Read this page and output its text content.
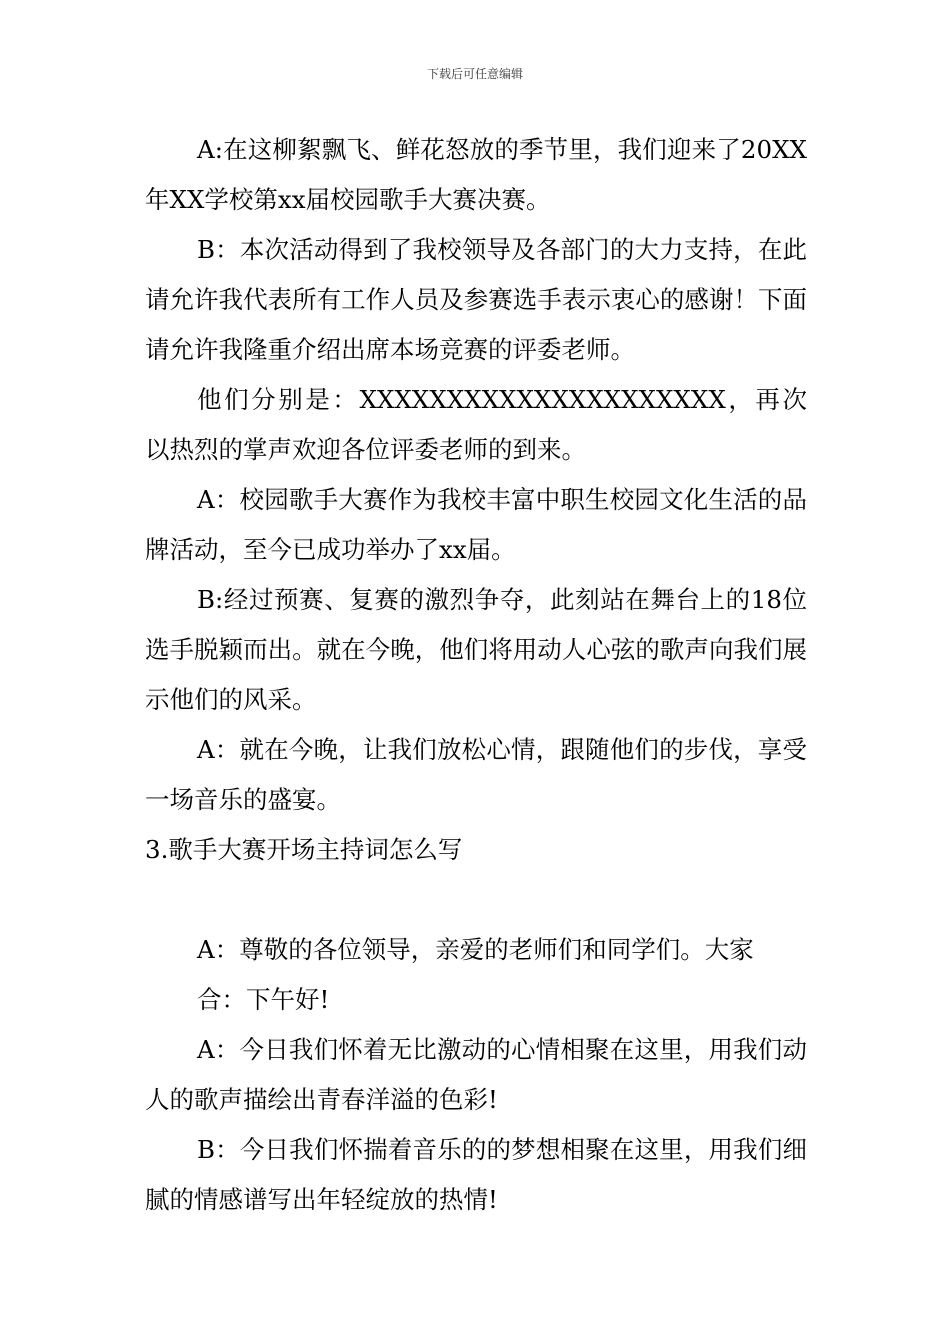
下载后可任意编辑

A:在这柳絮飘飞、鲜花怒放的季节里，我们迎来了20XX年XX学校第xx届校园歌手大赛决赛。

B：本次活动得到了我校领导及各部门的大力支持，在此请允许我代表所有工作人员及参赛选手表示衷心的感谢！下面请允许我隆重介绍出席本场竞赛的评委老师。

他们分别是：XXXXXXXXXXXXXXXXXXXXX，再次以热烈的掌声欢迎各位评委老师的到来。

A：校园歌手大赛作为我校丰富中职生校园文化生活的品牌活动，至今已成功举办了xx届。

B:经过预赛、复赛的激烈争夺，此刻站在舞台上的18位选手脱颖而出。就在今晚，他们将用动人心弦的歌声向我们展示他们的风采。

A：就在今晚，让我们放松心情，跟随他们的步伐，享受一场音乐的盛宴。

3.歌手大赛开场主持词怎么写

A：尊敬的各位领导，亲爱的老师们和同学们。大家

合：下午好!

A：今日我们怀着无比激动的心情相聚在这里，用我们动人的歌声描绘出青春洋溢的色彩!

B：今日我们怀揣着音乐的的梦想相聚在这里，用我们细腻的情感谱写出年轻绽放的热情!
